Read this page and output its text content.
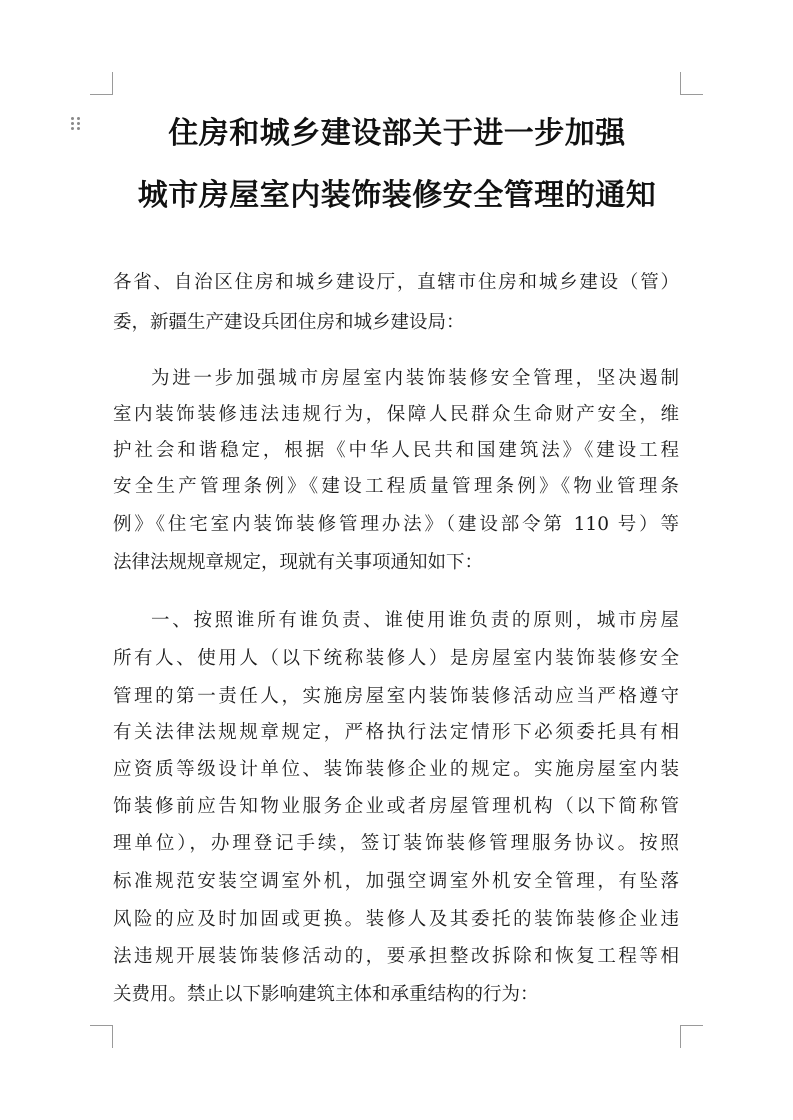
住房和城乡建设部关于进一步加强
城市房屋室内装饰装修安全管理的通知
各省、自治区住房和城乡建设厅，直辖市住房和城乡建设（管）
委，新疆生产建设兵团住房和城乡建设局：
为进一步加强城市房屋室内装饰装修安全管理，坚决遏制
室内装饰装修违法违规行为，保障人民群众生命财产安全，维
护社会和谐稳定，根据《中华人民共和国建筑法》《建设工程
安全生产管理条例》《建设工程质量管理条例》《物业管理条
例》《住宅室内装饰装修管理办法》（建设部令第 110 号）等
法律法规规章规定，现就有关事项通知如下：
一、按照谁所有谁负责、谁使用谁负责的原则，城市房屋
所有人、使用人（以下统称装修人）是房屋室内装饰装修安全
管理的第一责任人，实施房屋室内装饰装修活动应当严格遵守
有关法律法规规章规定，严格执行法定情形下必须委托具有相
应资质等级设计单位、装饰装修企业的规定。实施房屋室内装
饰装修前应告知物业服务企业或者房屋管理机构（以下简称管
理单位），办理登记手续，签订装饰装修管理服务协议。按照
标准规范安装空调室外机，加强空调室外机安全管理，有坠落
风险的应及时加固或更换。装修人及其委托的装饰装修企业违
法违规开展装饰装修活动的，要承担整改拆除和恢复工程等相
关费用。禁止以下影响建筑主体和承重结构的行为：
